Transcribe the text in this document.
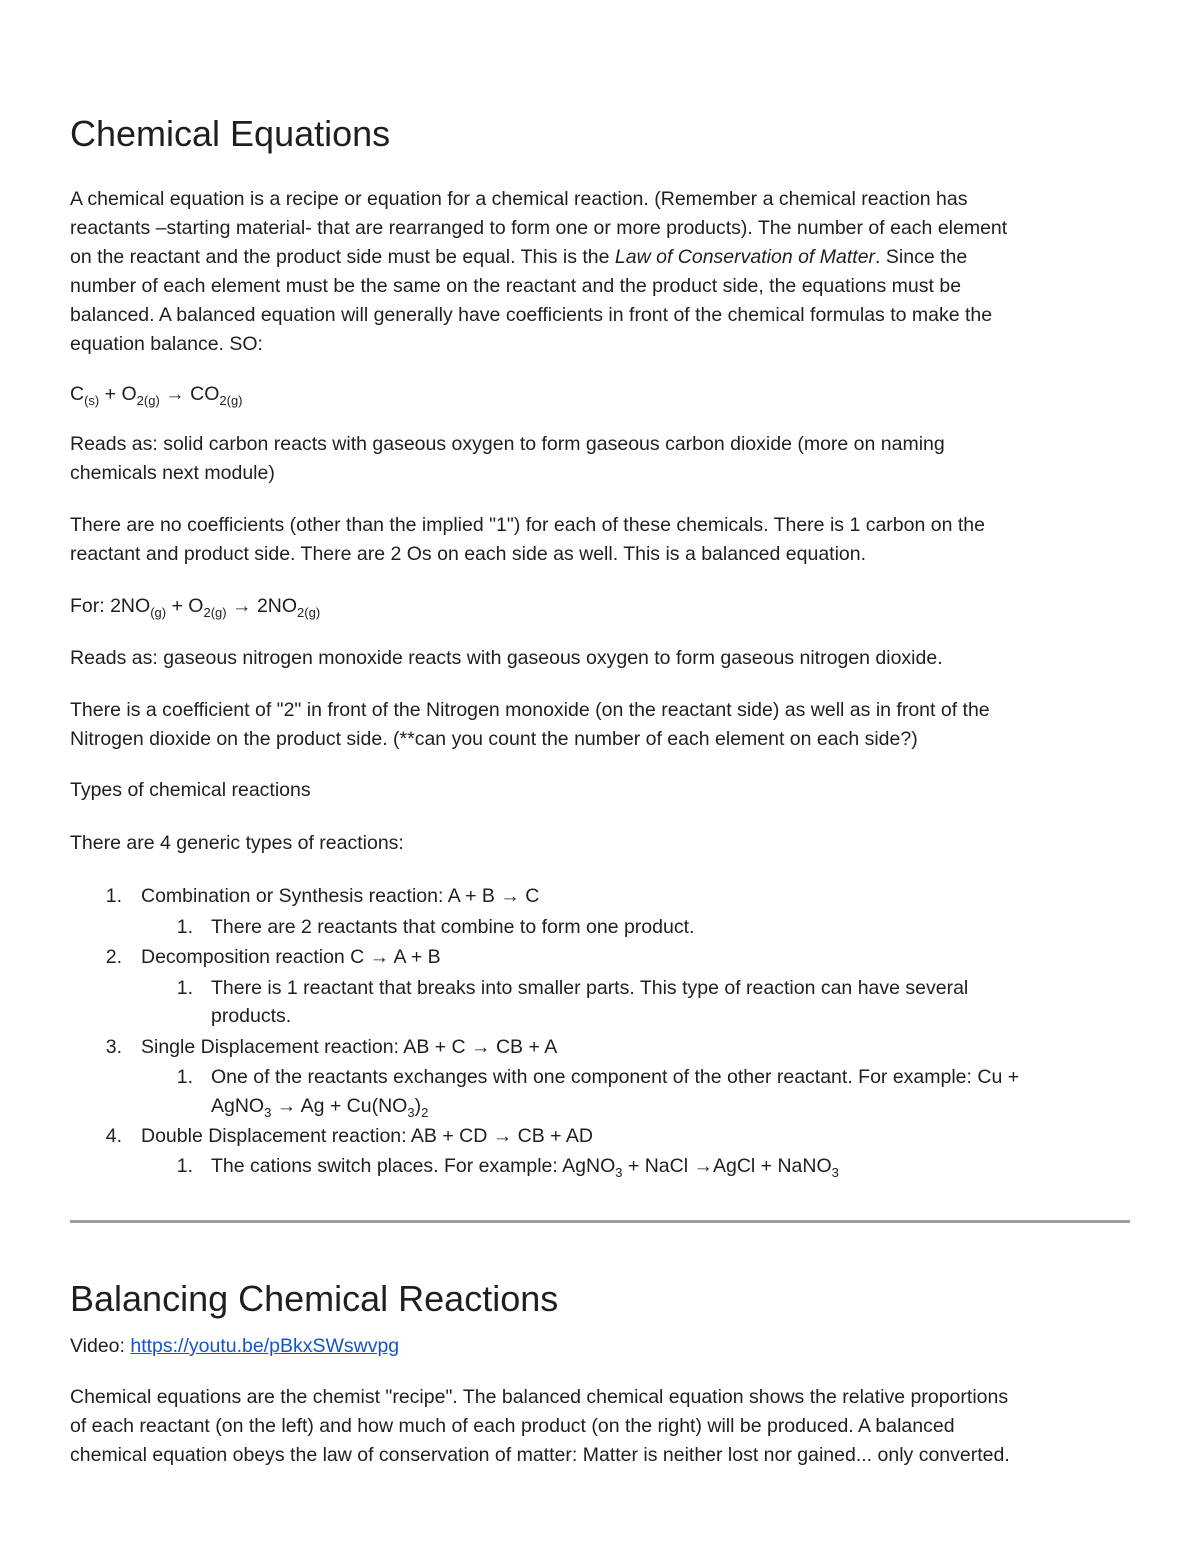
Chemical Equations
A chemical equation is a recipe or equation for a chemical reaction. (Remember a chemical reaction has
reactants –starting material- that are rearranged to form one or more products). The number of each element
on the reactant and the product side must be equal. This is the Law of Conservation of Matter. Since the
number of each element must be the same on the reactant and the product side, the equations must be
balanced. A balanced equation will generally have coefficients in front of the chemical formulas to make the
equation balance. SO:
$C_{(s)} + O_{2(g)} \to CO_{2(g)}$
Reads as: solid carbon reacts with gaseous oxygen to form gaseous carbon dioxide (more on naming
chemicals next module)
There are no coefficients (other than the implied "1") for each of these chemicals. There is 1 carbon on the
reactant and product side. There are 2 Os on each side as well. This is a balanced equation.
For: $2NO_{(g)} + O_{2(g)} \to 2NO_{2(g)}$
Reads as: gaseous nitrogen monoxide reacts with gaseous oxygen to form gaseous nitrogen dioxide.
There is a coefficient of "2" in front of the Nitrogen monoxide (on the reactant side) as well as in front of the
Nitrogen dioxide on the product side. (**can you count the number of each element on each side?)
Types of chemical reactions
There are 4 generic types of reactions:
1. Combination or Synthesis reaction: A + B → C
1. There are 2 reactants that combine to form one product.
2. Decomposition reaction C → A + B
1. There is 1 reactant that breaks into smaller parts. This type of reaction can have several
products.
3. Single Displacement reaction: AB + C → CB + A
1. One of the reactants exchanges with one component of the other reactant. For example: Cu +
AgNO$_3$ → $Ag + Cu(NO_3)_2$
4. Double Displacement reaction: AB + CD → CB + AD
1. The cations switch places. For example: AgNO$_3$ + NaCl →AgCl + NaNO$_3$
Balancing Chemical Reactions
Video: https://youtu.be/pBkxSWswvpg
Chemical equations are the chemist "recipe". The balanced chemical equation shows the relative proportions
of each reactant (on the left) and how much of each product (on the right) will be produced. A balanced
chemical equation obeys the law of conservation of matter: Matter is neither lost nor gained... only converted.
